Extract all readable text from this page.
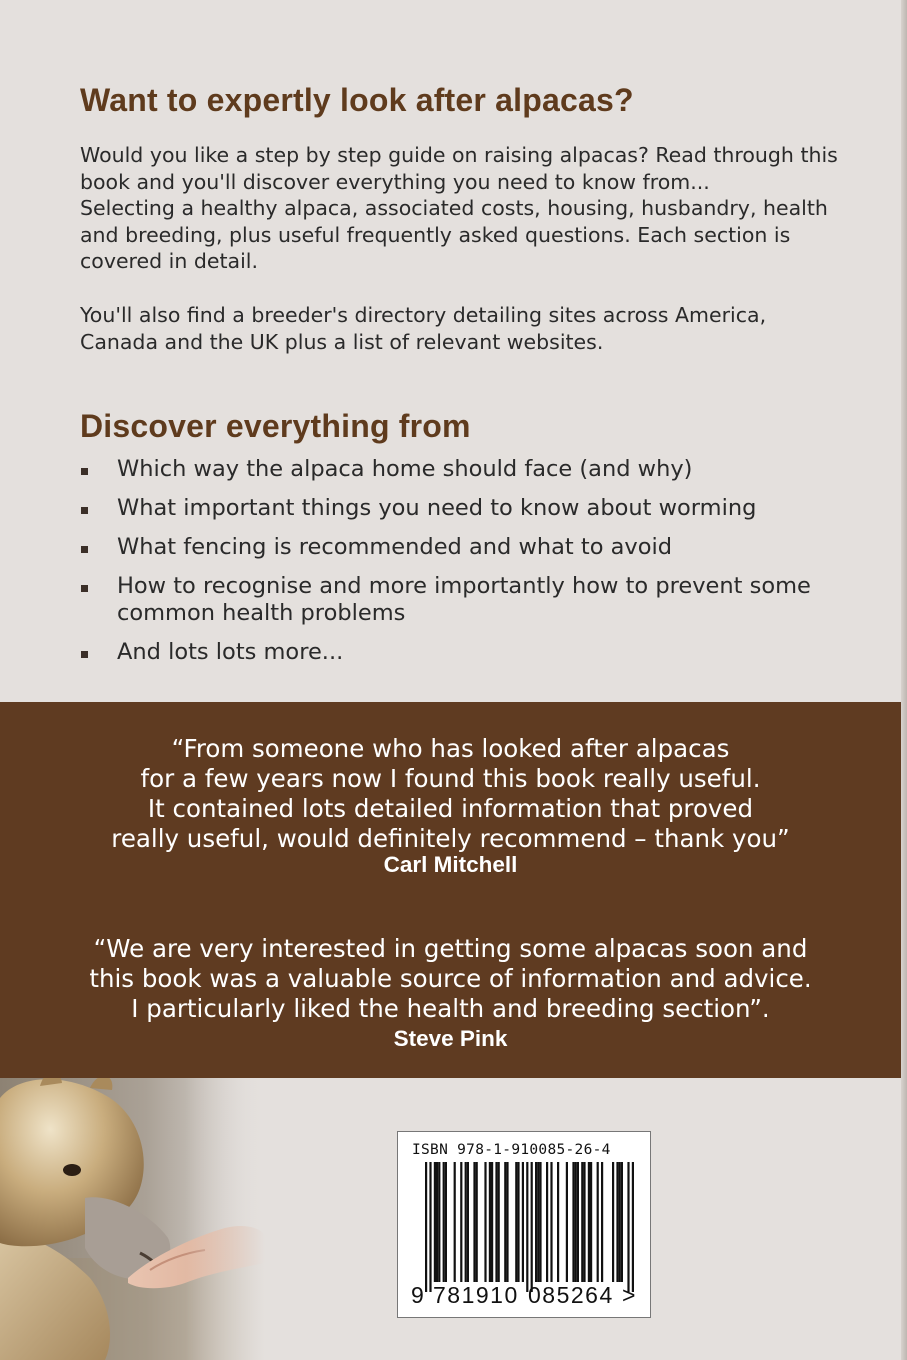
Want to expertly look after alpacas?

Would you like a step by step guide on raising alpacas? Read through this
book and you'll discover everything you need to know from...
Selecting a healthy alpaca, associated costs, housing, husbandry, health
and breeding, plus useful frequently asked questions. Each section is
covered in detail.

You'll also find a breeder's directory detailing sites across America,
Canada and the UK plus a list of relevant websites.

Discover everything from
Which way the alpaca home should face (and why)
What important things you need to know about worming
What fencing is recommended and what to avoid
How to recognise and more importantly how to prevent some
common health problems
And lots lots more...

“From someone who has looked after alpacas
for a few years now I found this book really useful.
It contained lots detailed information that proved
really useful, would definitely recommend – thank you”

Carl Mitchell

“We are very interested in getting some alpacas soon and
this book was a valuable source of information and advice.
I particularly liked the health and breeding section”.

Steve Pink

ISBN 978-1-910085-26-4

9 781910 085264 >
